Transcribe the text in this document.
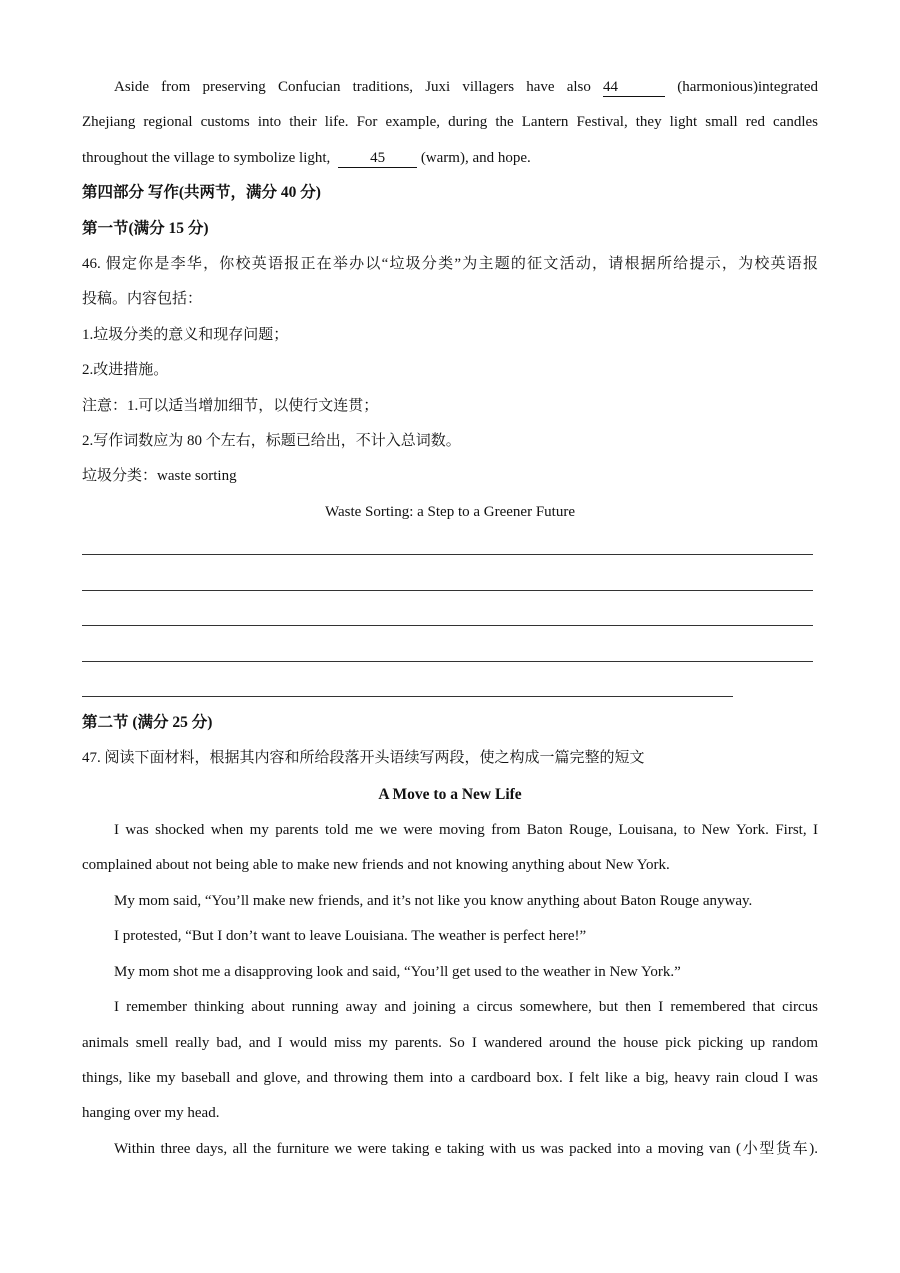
Aside from preserving Confucian traditions, Juxi villagers have also 44	(harmonious)integrated
Zhejiang regional customs into their life. For example, during the Lantern Festival, they light small red candles
throughout the village to symbolize light,	45 (warm), and hope.
第四部分 写作(共两节，满分 40 分)
第一节(满分 15 分)
46. 假定你是李华，你校英语报正在举办以“垃圾分类”为主题的征文活动，请根据所给提示，为校英语报
投稿。内容包括：
1.垃圾分类的意义和现存问题；
2.改进措施。
注意：1.可以适当增加细节，以使行文连贯；
2.写作词数应为 80 个左右，标题已给出，不计入总词数。
垃圾分类：waste sorting
Waste Sorting: a Step to a Greener Future
第二节 (满分 25 分)
47. 阅读下面材料，根据其内容和所给段落开头语续写两段，使之构成一篇完整的短文
A Move to a New Life
I was shocked when my parents told me we were moving from Baton Rouge, Louisana, to New York. First, I
complained about not being able to make new friends and not knowing anything about New York.
My mom said, “You’ll make new friends, and it’s not like you know anything about Baton Rouge anyway.
I protested, “But I don’t want to leave Louisiana. The weather is perfect here!”
My mom shot me a disapproving look and said, “You’ll get used to the weather in New York.”
I remember thinking about running away and joining a circus somewhere, but then I remembered that circus
animals smell really bad, and I would miss my parents. So I wandered around the house pick picking up random
things, like my baseball and glove, and throwing them into a cardboard box. I felt like a big, heavy rain cloud I was
hanging over my head.
Within three days, all the furniture we were taking e taking with us was packed into a moving van (小型货车).
